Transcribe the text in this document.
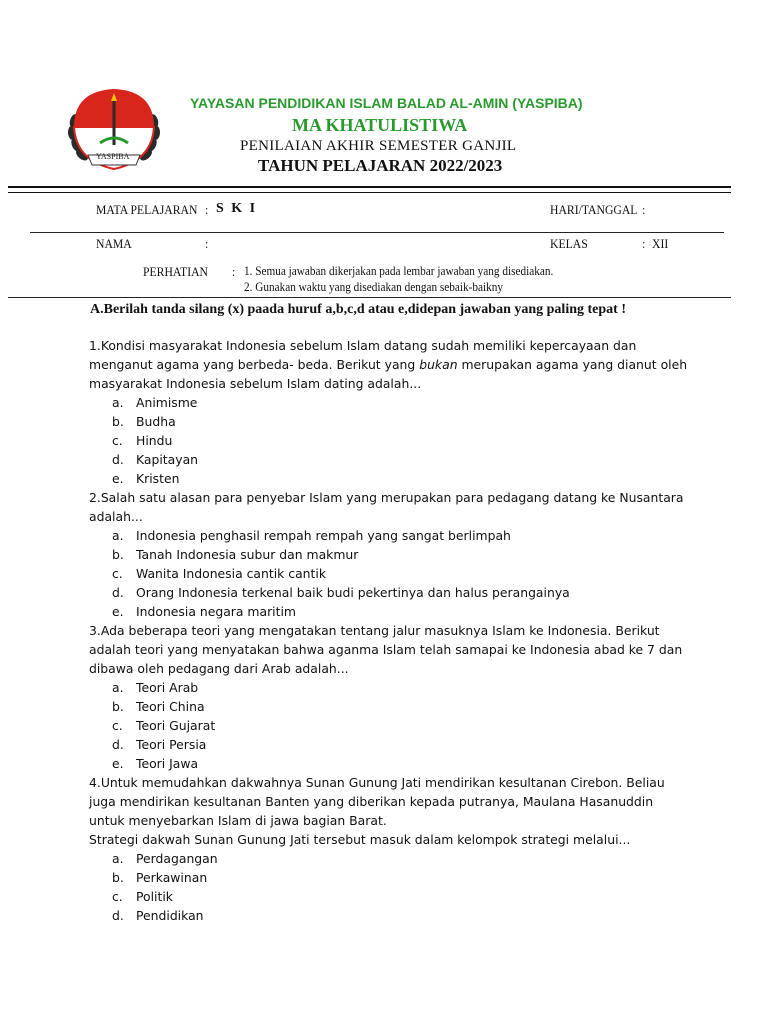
YASPIBA
YAYASAN PENDIDIKAN ISLAM BALAD AL-AMIN (YASPIBA)
MA KHATULISTIWA
PENILAIAN AKHIR SEMESTER GANJIL
TAHUN PELAJARAN 2022/2023
MATA PELAJARAN : S K I	HARI/TANGGAL :
NAMA	:	KELAS	: XII
PERHATIAN : 1. Semua jawaban dikerjakan pada lembar jawaban yang disediakan.
2. Gunakan waktu yang disediakan dengan sebaik-baikny
A.Berilah tanda silang (x) paada huruf a,b,c,d atau e,didepan jawaban yang paling tepat !

1.Kondisi masyarakat Indonesia sebelum Islam datang sudah memiliki kepercayaan dan menganut agama yang berbeda- beda. Berikut yang bukan merupakan agama yang dianut oleh masyarakat Indonesia sebelum Islam dating adalah...

a. Animisme
b. Budha
c. Hindu
d. Kapitayan
e. Kristen

2.Salah satu alasan para penyebar Islam yang merupakan para pedagang datang ke Nusantara adalah...

a. Indonesia penghasil rempah rempah yang sangat berlimpah
b. Tanah Indonesia subur dan makmur
c. Wanita Indonesia cantik cantik
d. Orang Indonesia terkenal baik budi pekertinya dan halus perangainya
e. Indonesia negara maritim

3.Ada beberapa teori yang mengatakan tentang jalur masuknya Islam ke Indonesia. Berikut adalah teori yang menyatakan bahwa aganma Islam telah samapai ke Indonesia abad ke 7 dan dibawa oleh pedagang dari Arab adalah...

a. Teori Arab
b. Teori China
c. Teori Gujarat
d. Teori Persia
e. Teori Jawa

4.Untuk memudahkan dakwahnya Sunan Gunung Jati mendirikan kesultanan Cirebon. Beliau juga mendirikan kesultanan Banten yang diberikan kepada putranya, Maulana Hasanuddin untuk menyebarkan Islam di jawa bagian Barat.

Strategi dakwah Sunan Gunung Jati tersebut masuk dalam kelompok strategi melalui...

a. Perdagangan
b. Perkawinan
c. Politik
d. Pendidikan
